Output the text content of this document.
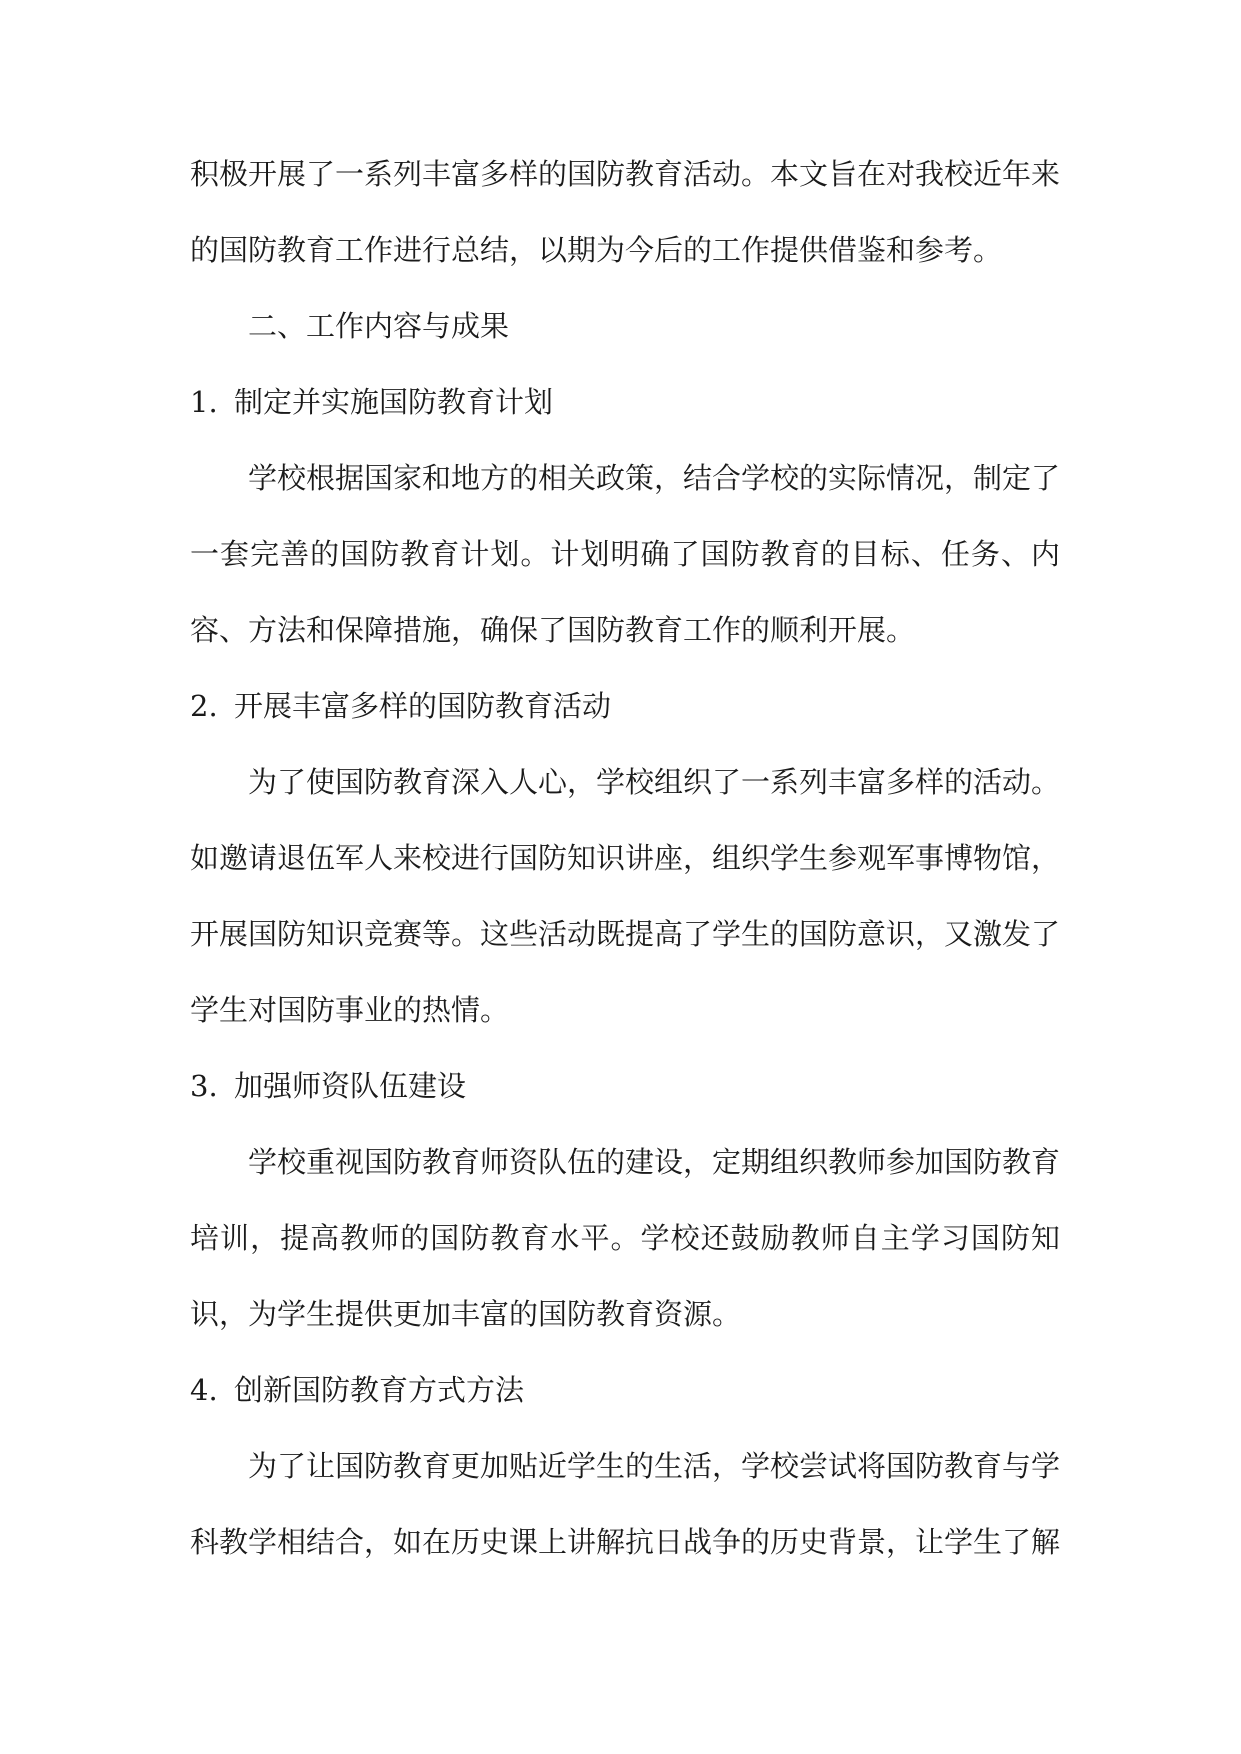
积极开展了一系列丰富多样的国防教育活动。本文旨在对我校近年来的国防教育工作进行总结，以期为今后的工作提供借鉴和参考。

二、工作内容与成果

1. 制定并实施国防教育计划

学校根据国家和地方的相关政策，结合学校的实际情况，制定了一套完善的国防教育计划。计划明确了国防教育的目标、任务、内容、方法和保障措施，确保了国防教育工作的顺利开展。

2. 开展丰富多样的国防教育活动

为了使国防教育深入人心，学校组织了一系列丰富多样的活动。如邀请退伍军人来校进行国防知识讲座，组织学生参观军事博物馆，开展国防知识竞赛等。这些活动既提高了学生的国防意识，又激发了学生对国防事业的热情。

3. 加强师资队伍建设

学校重视国防教育师资队伍的建设，定期组织教师参加国防教育培训，提高教师的国防教育水平。学校还鼓励教师自主学习国防知识，为学生提供更加丰富的国防教育资源。

4. 创新国防教育方式方法

为了让国防教育更加贴近学生的生活，学校尝试将国防教育与学科教学相结合，如在历史课上讲解抗日战争的历史背景，让学生了解
